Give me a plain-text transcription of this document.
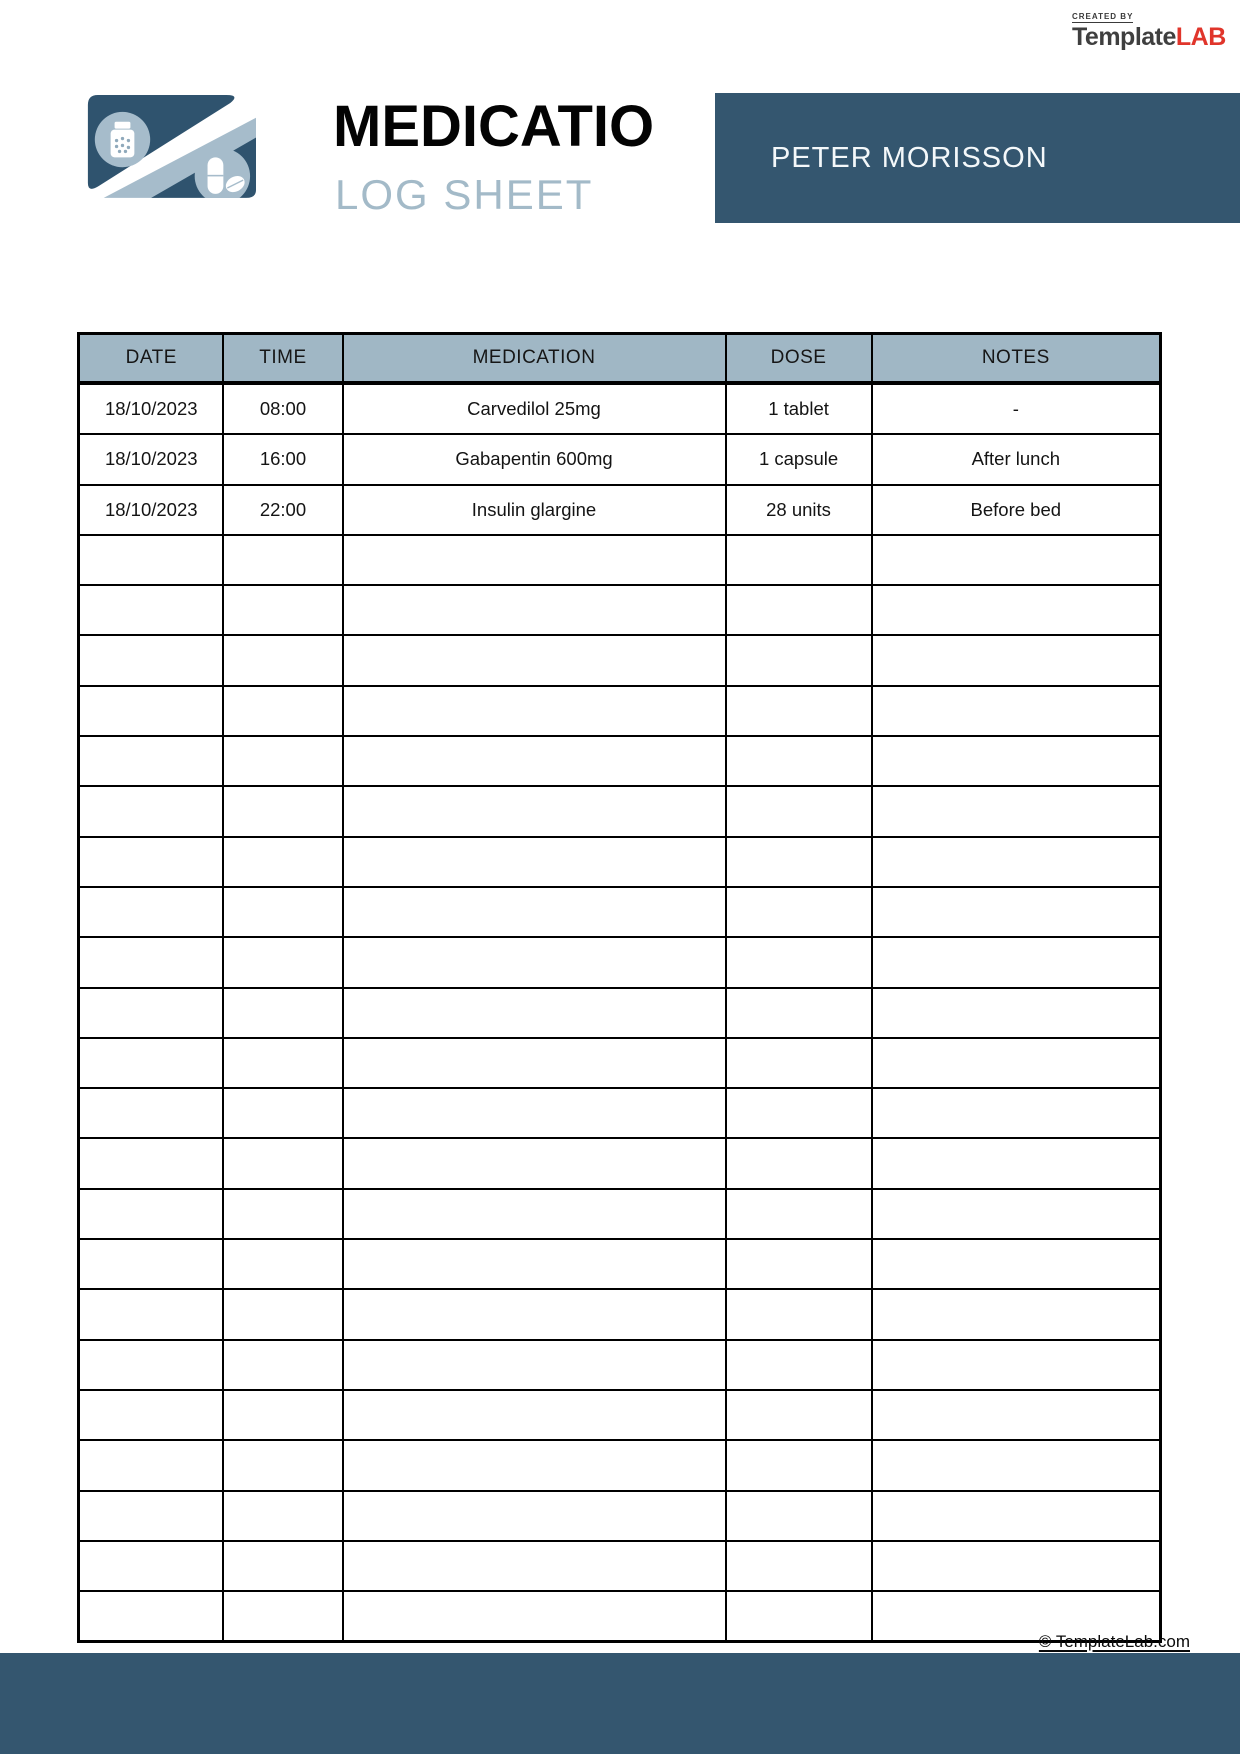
CREATED BY
TemplateLAB
MEDICATIO
LOG SHEET
PETER MORISSON
DATE	TIME	MEDICATION	DOSE	NOTES
18/10/2023	08:00	Carvedilol 25mg	1 tablet	-
18/10/2023	16:00	Gabapentin 600mg	1 capsule	After lunch
18/10/2023	22:00	Insulin glargine	28 units	Before bed

© TemplateLab.com
